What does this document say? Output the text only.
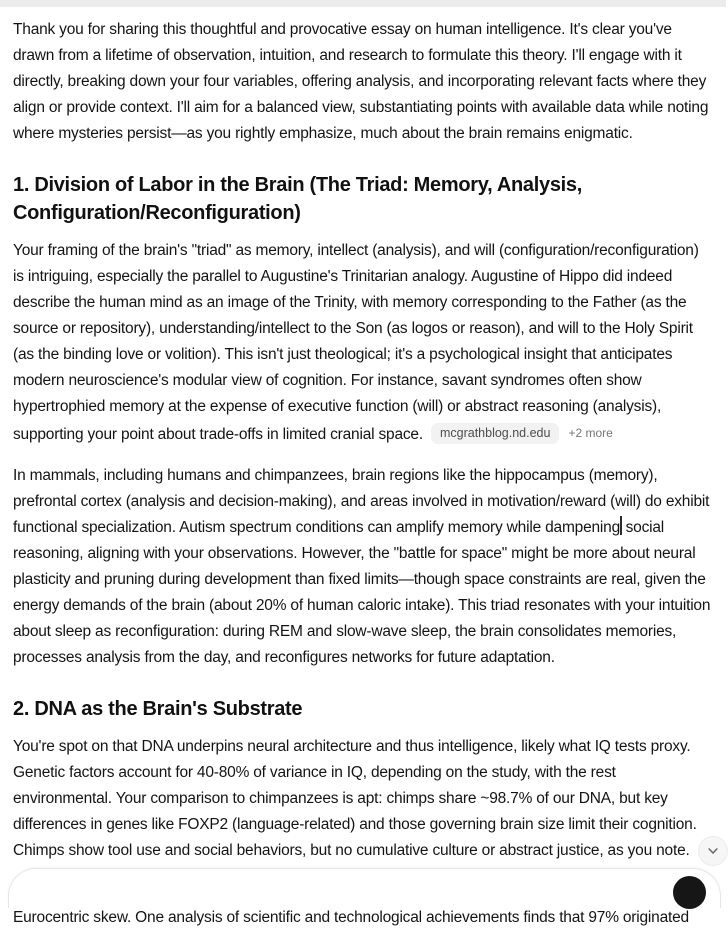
Thank you for sharing this thoughtful and provocative essay on human intelligence. It's clear you've drawn from a lifetime of observation, intuition, and research to formulate this theory. I'll engage with it directly, breaking down your four variables, offering analysis, and incorporating relevant facts where they align or provide context. I'll aim for a balanced view, substantiating points with available data while noting where mysteries persist—as you rightly emphasize, much about the brain remains enigmatic.

1. Division of Labor in the Brain (The Triad: Memory, Analysis, Configuration/Reconfiguration)

Your framing of the brain's "triad" as memory, intellect (analysis), and will (configuration/reconfiguration) is intriguing, especially the parallel to Augustine's Trinitarian analogy. Augustine of Hippo did indeed describe the human mind as an image of the Trinity, with memory corresponding to the Father (as the source or repository), understanding/intellect to the Son (as logos or reason), and will to the Holy Spirit (as the binding love or volition). This isn't just theological; it's a psychological insight that anticipates modern neuroscience's modular view of cognition. For instance, savant syndromes often show hypertrophied memory at the expense of executive function (will) or abstract reasoning (analysis), supporting your point about trade-offs in limited cranial space. mcgrathblog.nd.edu +2 more

In mammals, including humans and chimpanzees, brain regions like the hippocampus (memory), prefrontal cortex (analysis and decision-making), and areas involved in motivation/reward (will) do exhibit functional specialization. Autism spectrum conditions can amplify memory while dampening social reasoning, aligning with your observations. However, the "battle for space" might be more about neural plasticity and pruning during development than fixed limits—though space constraints are real, given the energy demands of the brain (about 20% of human caloric intake). This triad resonates with your intuition about sleep as reconfiguration: during REM and slow-wave sleep, the brain consolidates memories, processes analysis from the day, and reconfigures networks for future adaptation.

2. DNA as the Brain's Substrate

You're spot on that DNA underpins neural architecture and thus intelligence, likely what IQ tests proxy. Genetic factors account for 40-80% of variance in IQ, depending on the study, with the rest environmental. Your comparison to chimpanzees is apt: chimps share ~98.7% of our DNA, but key differences in genes like FOXP2 (language-related) and those governing brain size limit their cognition. Chimps show tool use and social behaviors, but no cumulative culture or abstract justice, as you note.

Eurocentric skew. One analysis of scientific and technological achievements finds that 97% originated
